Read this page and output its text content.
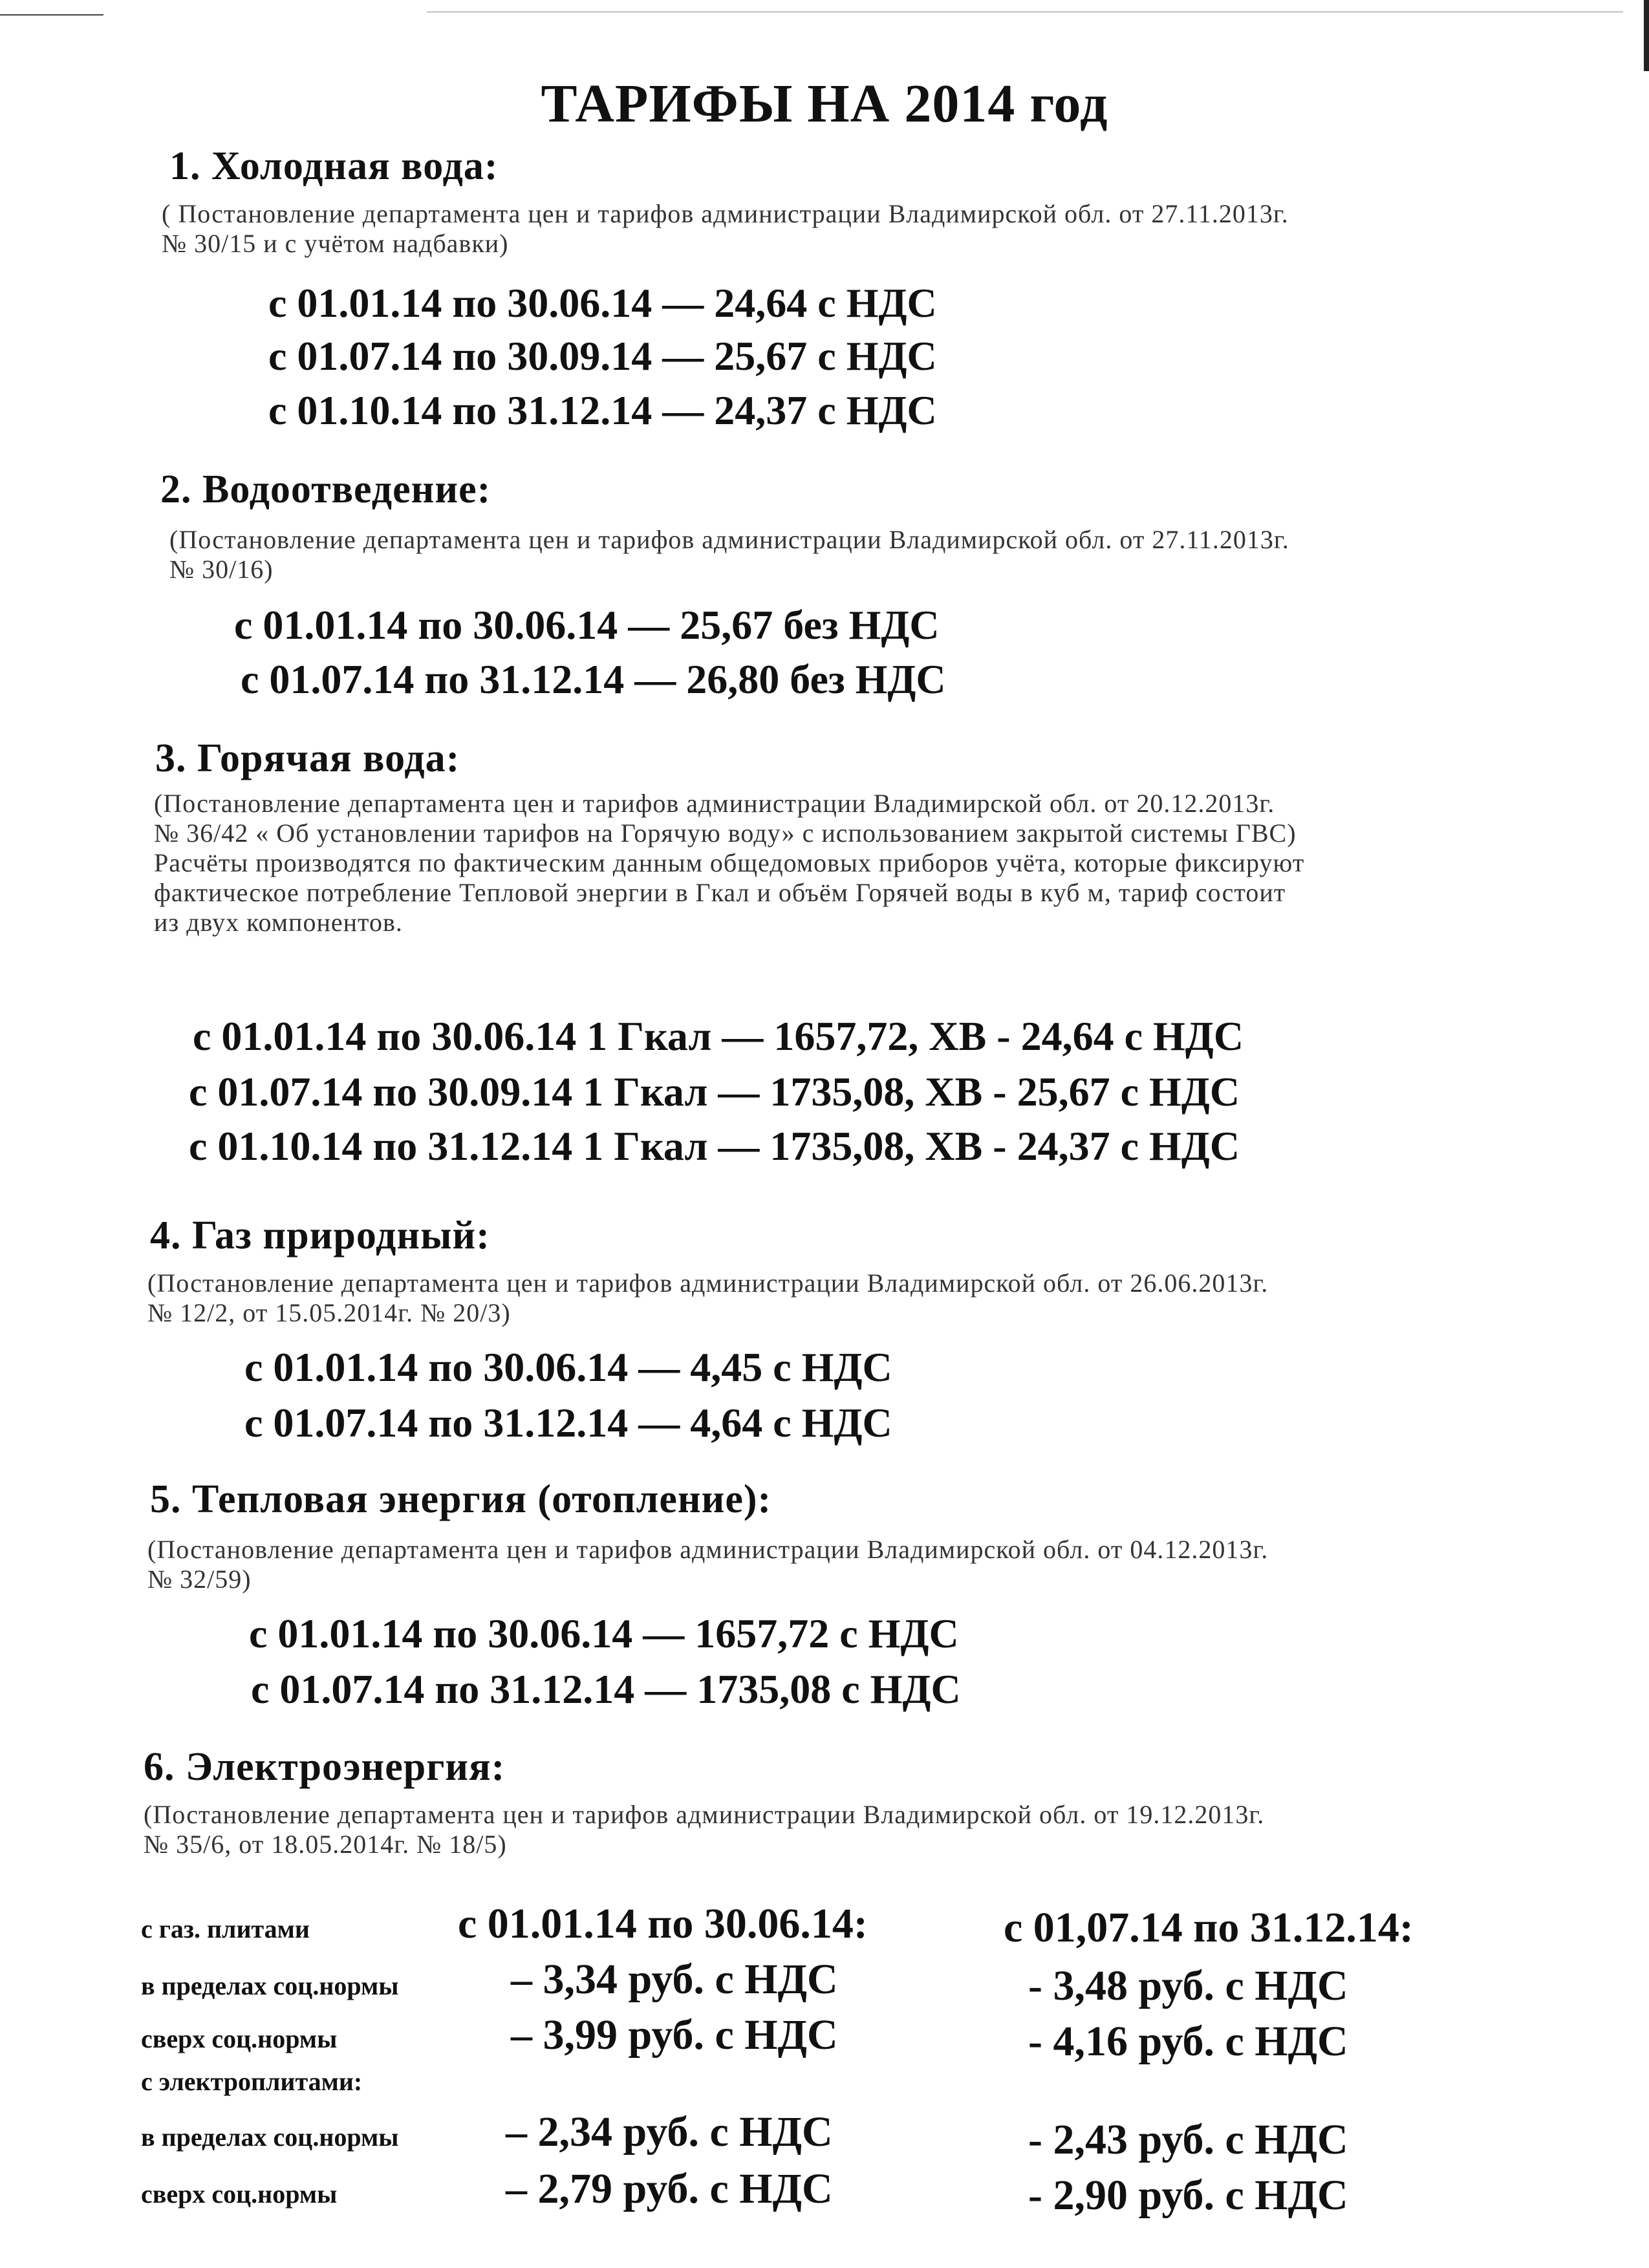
ТАРИФЫ НА 2014 год
1. Холодная вода:
( Постановление департамента цен и тарифов администрации Владимирской обл. от 27.11.2013г.
№ 30/15 и с учётом надбавки)
с 01.01.14 по 30.06.14 — 24,64 с НДС
с 01.07.14 по 30.09.14 — 25,67 с НДС
с 01.10.14 по 31.12.14 — 24,37 с НДС
2. Водоотведение:
(Постановление департамента цен и тарифов администрации Владимирской обл. от 27.11.2013г.
№ 30/16)
с 01.01.14 по 30.06.14 — 25,67 без НДС
с 01.07.14 по 31.12.14 — 26,80 без НДС
3. Горячая вода:
(Постановление департамента цен и тарифов администрации Владимирской обл. от 20.12.2013г.
№ 36/42 « Об установлении тарифов на Горячую воду» с использованием закрытой системы ГВС)
Расчёты производятся по фактическим данным общедомовых приборов учёта, которые фиксируют
фактическое потребление Тепловой энергии в Гкал и объём Горячей воды в куб м, тариф состоит
из двух компонентов.
с 01.01.14 по 30.06.14 1 Гкал — 1657,72, ХВ - 24,64 с НДС
с 01.07.14 по 30.09.14 1 Гкал — 1735,08, ХВ - 25,67 с НДС
с 01.10.14 по 31.12.14 1 Гкал — 1735,08, ХВ - 24,37 с НДС
4. Газ природный:
(Постановление департамента цен и тарифов администрации Владимирской обл. от 26.06.2013г.
№ 12/2, от 15.05.2014г. № 20/3)
с 01.01.14 по 30.06.14 — 4,45 с НДС
с 01.07.14 по 31.12.14 — 4,64 с НДС
5. Тепловая энергия (отопление):
(Постановление департамента цен и тарифов администрации Владимирской обл. от 04.12.2013г.
№ 32/59)
с 01.01.14 по 30.06.14 — 1657,72 с НДС
с 01.07.14 по 31.12.14 — 1735,08 с НДС
6. Электроэнергия:
(Постановление департамента цен и тарифов администрации Владимирской обл. от 19.12.2013г.
№ 35/6, от 18.05.2014г. № 18/5)
с газ. плитами	с 01.01.14 по 30.06.14:	с 01,07.14 по 31.12.14:
в пределах соц.нормы	– 3,34 руб. с НДС	- 3,48 руб. с НДС
сверх соц.нормы	– 3,99 руб. с НДС	- 4,16 руб. с НДС
с электроплитами:
в пределах соц.нормы	– 2,34 руб. с НДС	- 2,43 руб. с НДС
сверх соц.нормы	– 2,79 руб. с НДС	- 2,90 руб. с НДС
